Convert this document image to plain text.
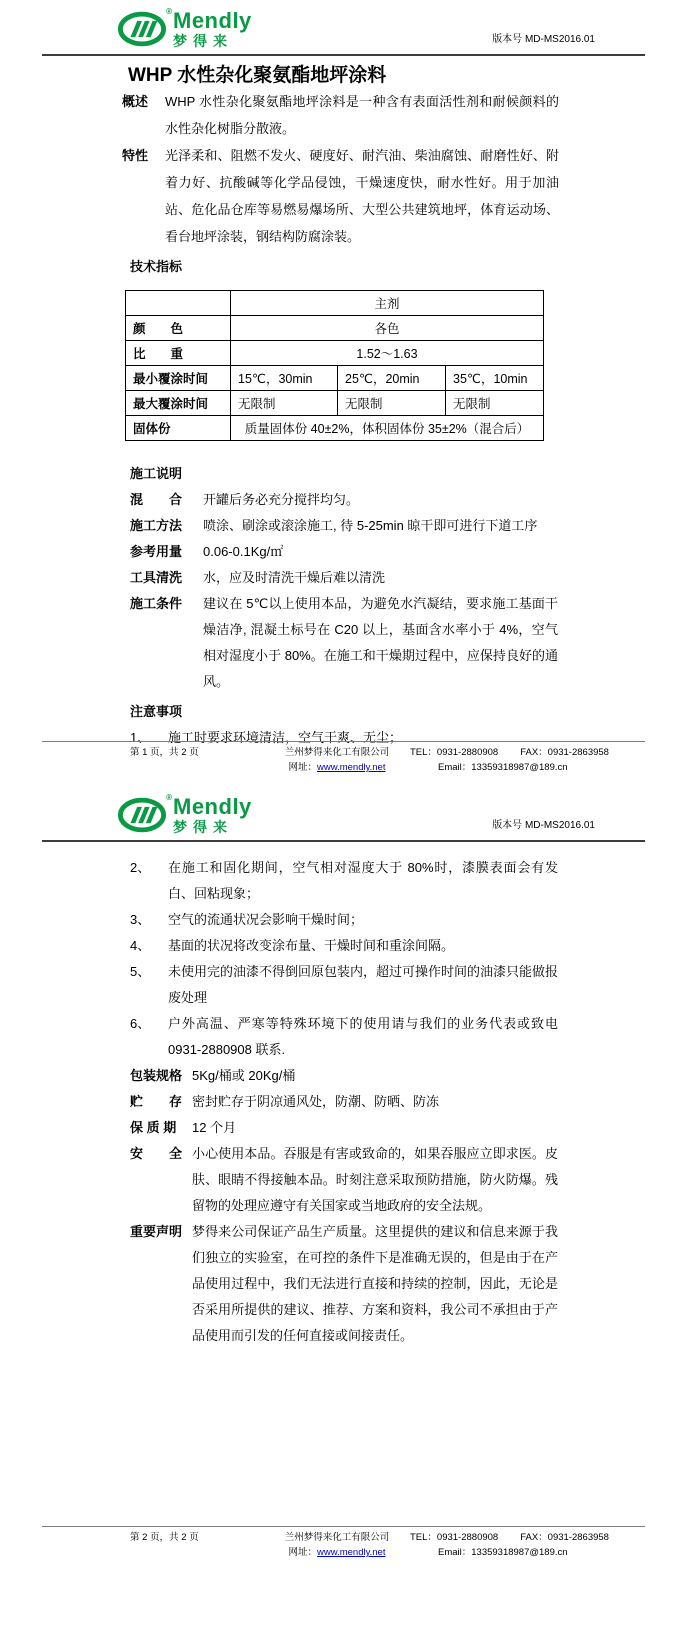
® Mendly
梦得来	版本号 MD-MS2016.01
WHP 水性杂化聚氨酯地坪涂料
概述	WHP 水性杂化聚氨酯地坪涂料是一种含有表面活性剂和耐候颜料的水性杂化树脂分散液。
特性	光泽柔和、阻燃不发火、硬度好、耐汽油、柴油腐蚀、耐磨性好、附着力好、抗酸碱等化学品侵蚀，干燥速度快，耐水性好。用于加油站、危化品仓库等易燃易爆场所、大型公共建筑地坪，体育运动场、看台地坪涂装，钢结构防腐涂装。
技术指标
	主剂		
颜　　色	各色		
比　　重	1.52～1.63		
最小覆涂时间	15℃，30min	25℃，20min	35℃，10min
最大覆涂时间	无限制	无限制	无限制
固体份	质量固体份 40±2%，体积固体份 35±2%（混合后）		
施工说明
混　　合	开罐后务必充分搅拌均匀。
施工方法	喷涂、刷涂或滚涂施工, 待 5-25min 晾干即可进行下道工序
参考用量	0.06-0.1Kg/㎡
工具清洗	水，应及时清洗干燥后难以清洗
施工条件	建议在 5℃以上使用本品，为避免水汽凝结，要求施工基面干燥洁净, 混凝土标号在 C20 以上，基面含水率小于 4%，空气相对湿度小于 80%。在施工和干燥期过程中，应保持良好的通风。
注意事项
1、	施工时要求环境清洁，空气干爽、无尘；
第 1 页，共 2 页	兰州梦得来化工有限公司
网址：www.mendly.net
TEL：0931-2880908 FAX：0931-2863958
Email：13359318987@189.cn
® Mendly
梦得来	版本号 MD-MS2016.01
2、	在施工和固化期间，空气相对湿度大于 80%时，漆膜表面会有发白、回粘现象；
3、	空气的流通状况会影响干燥时间；
4、	基面的状况将改变涂布量、干燥时间和重涂间隔。
5、	未使用完的油漆不得倒回原包装内，超过可操作时间的油漆只能做报废处理
6、	户外高温、严寒等特殊环境下的使用请与我们的业务代表或致电 0931-2880908 联系.
包装规格 5Kg/桶或 20Kg/桶
贮　　存 密封贮存于阴凉通风处，防潮、防晒、防冻
保 质 期	12 个月
安　　全 小心使用本品。吞服是有害或致命的，如果吞服应立即求医。皮肤、眼睛不得接触本品。时刻注意采取预防措施，防火防爆。残留物的处理应遵守有关国家或当地政府的安全法规。
重要声明 梦得来公司保证产品生产质量。这里提供的建议和信息来源于我们独立的实验室，在可控的条件下是准确无误的，但是由于在产品使用过程中，我们无法进行直接和持续的控制，因此，无论是否采用所提供的建议、推荐、方案和资料，我公司不承担由于产品使用而引发的任何直接或间接责任。
第 2 页，共 2 页	兰州梦得来化工有限公司
网址：www.mendly.net
TEL：0931-2880908 FAX：0931-2863958
Email：13359318987@189.cn
